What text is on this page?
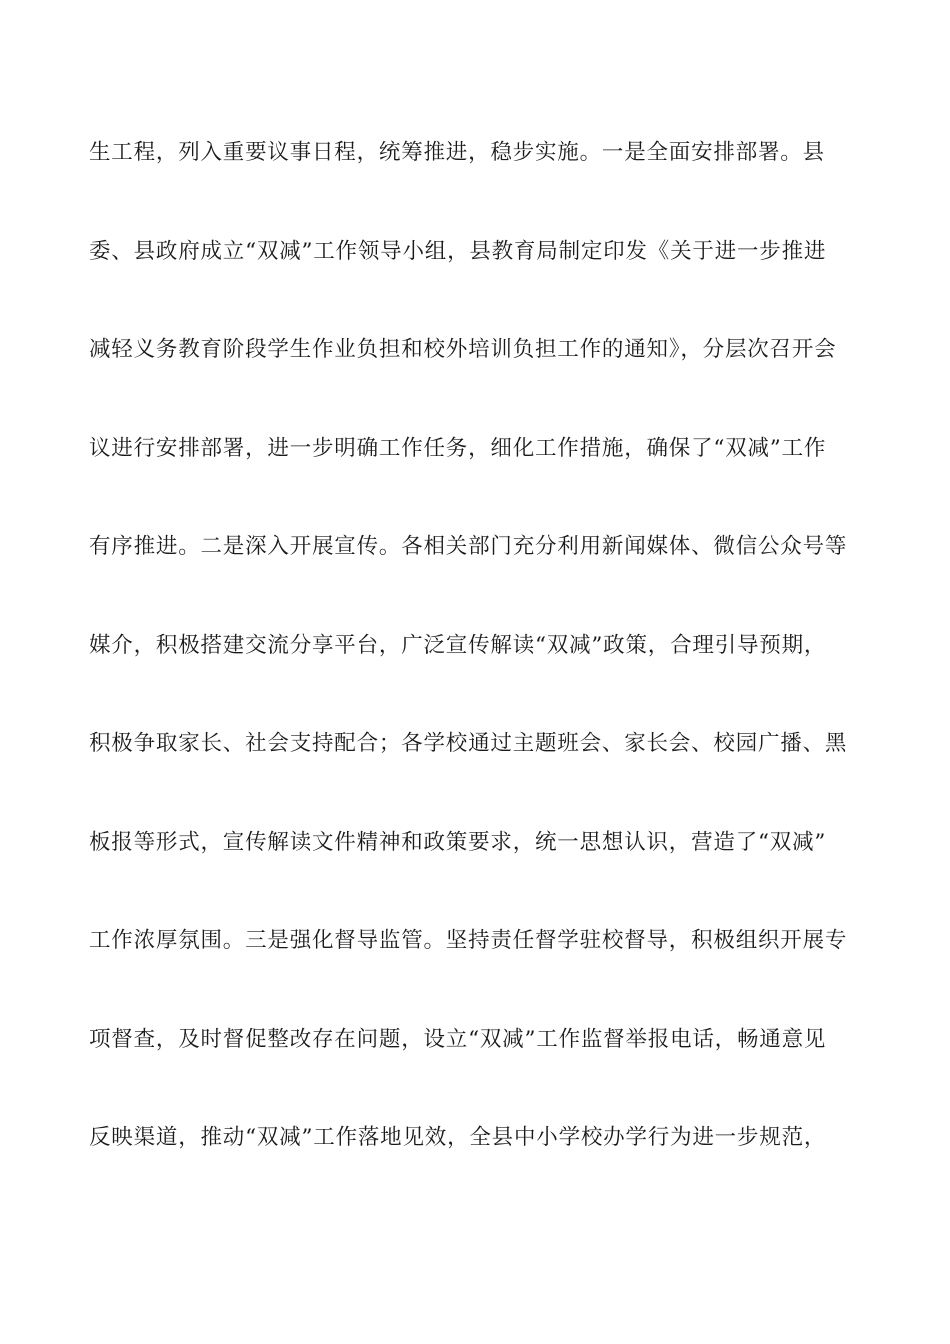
生工程，列入重要议事日程，统筹推进，稳步实施。一是全面安排部署。县
委、县政府成立“双减”工作领导小组，县教育局制定印发《关于进一步推进
减轻义务教育阶段学生作业负担和校外培训负担工作的通知》，分层次召开会
议进行安排部署，进一步明确工作任务，细化工作措施，确保了“双减”工作
有序推进。二是深入开展宣传。各相关部门充分利用新闻媒体、微信公众号等
媒介，积极搭建交流分享平台，广泛宣传解读“双减”政策，合理引导预期，
积极争取家长、社会支持配合；各学校通过主题班会、家长会、校园广播、黑
板报等形式，宣传解读文件精神和政策要求，统一思想认识，营造了“双减”
工作浓厚氛围。三是强化督导监管。坚持责任督学驻校督导，积极组织开展专
项督查，及时督促整改存在问题，设立“双减”工作监督举报电话，畅通意见
反映渠道，推动“双减”工作落地见效，全县中小学校办学行为进一步规范，
